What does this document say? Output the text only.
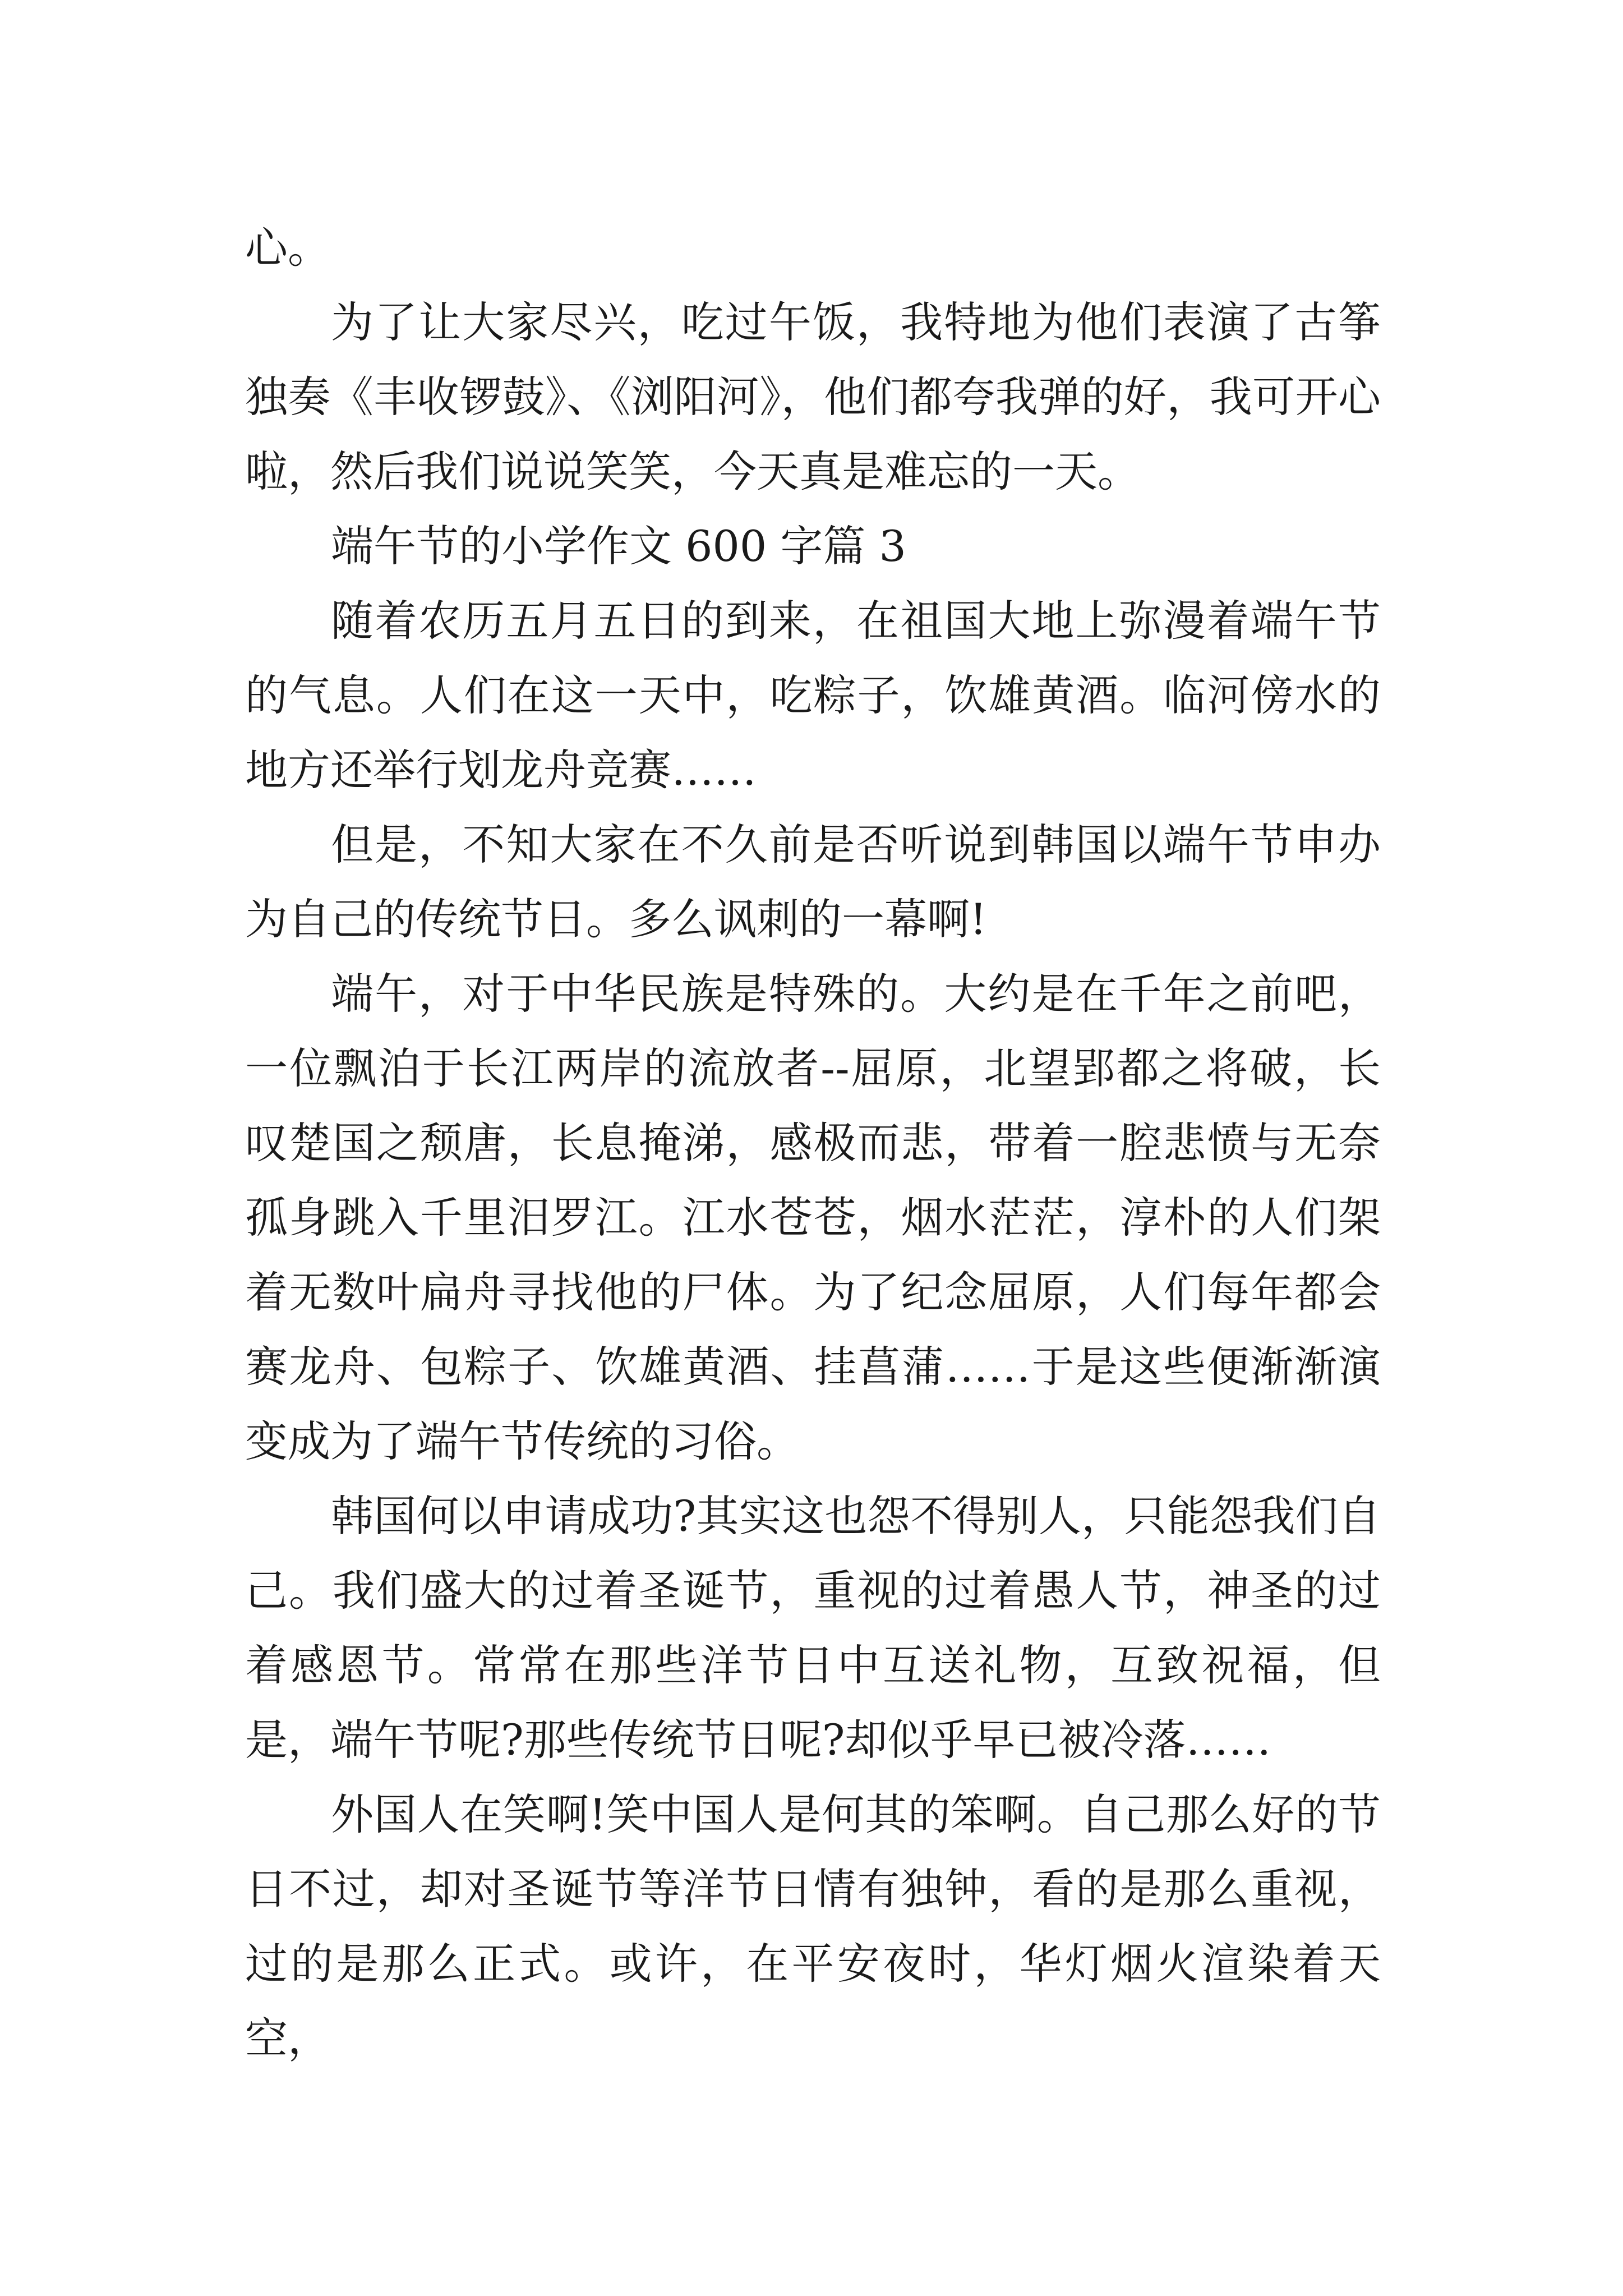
心。

为了让大家尽兴，吃过午饭，我特地为他们表演了古筝独奏《丰收锣鼓》、《浏阳河》，他们都夸我弹的好，我可开心啦，然后我们说说笑笑，今天真是难忘的一天。

端午节的小学作文 600 字篇 3

随着农历五月五日的到来，在祖国大地上弥漫着端午节的气息。人们在这一天中，吃粽子，饮雄黄酒。临河傍水的地方还举行划龙舟竞赛……

但是，不知大家在不久前是否听说到韩国以端午节申办为自己的传统节日。多么讽刺的一幕啊!

端午，对于中华民族是特殊的。大约是在千年之前吧，一位飘泊于长江两岸的流放者--屈原，北望郢都之将破，长叹楚国之颓唐，长息掩涕，感极而悲，带着一腔悲愤与无奈孤身跳入千里汨罗江。江水苍苍，烟水茫茫，淳朴的人们架着无数叶扁舟寻找他的尸体。为了纪念屈原，人们每年都会赛龙舟、包粽子、饮雄黄酒、挂菖蒲……于是这些便渐渐演变成为了端午节传统的习俗。

韩国何以申请成功?其实这也怨不得别人，只能怨我们自己。我们盛大的过着圣诞节，重视的过着愚人节，神圣的过着感恩节。常常在那些洋节日中互送礼物，互致祝福，但是，端午节呢?那些传统节日呢?却似乎早已被冷落……

外国人在笑啊!笑中国人是何其的笨啊。自己那么好的节日不过，却对圣诞节等洋节日情有独钟，看的是那么重视，过的是那么正式。或许，在平安夜时，华灯烟火渲染着天空，
